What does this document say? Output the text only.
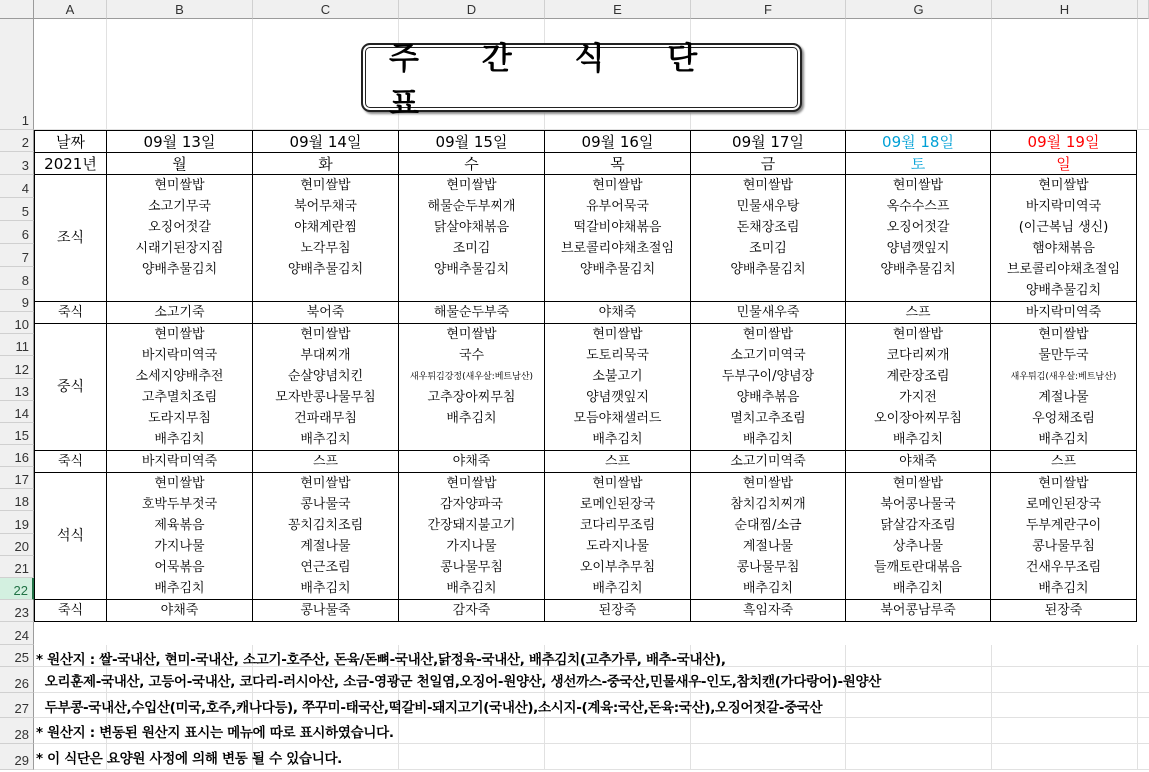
A	B	C	D	E	F	G	H
1
2
3
4
5
6
7
8
9
10
11
12
13
14
15
16
17
18
19
20
21
22
23
24
25
26
27
28
29
주 간 식 단 표
날짜	09월 13일	09월 14일	09월 15일	09월 16일	09월 17일	09월 18일	09월 19일
2021년	월	화	수	목	금	토	일
조식	현미쌀밥	현미쌀밥	현미쌀밥	현미쌀밥	현미쌀밥	현미쌀밥	현미쌀밥
	소고기무국	북어무채국	해물순두부찌개	유부어묵국	민물새우탕	옥수수스프	바지락미역국
	오징어젓갈	야채계란찜	닭살야채볶음	떡갈비야채볶음	돈채장조림	오징어젓갈	(이근복님 생신)
	시래기된장지짐	노각무침	조미김	브로콜리야채초절임	조미김	양념깻잎지	햄야채볶음
	양배추물김치	양배추물김치	양배추물김치	양배추물김치	양배추물김치	양배추물김치	브로콜리야채초절임
							양배추물김치
죽식	소고기죽	북어죽	해물순두부죽	야채죽	민물새우죽	스프	바지락미역죽
중식	현미쌀밥	현미쌀밥	현미쌀밥	현미쌀밥	현미쌀밥	현미쌀밥	현미쌀밥
	바지락미역국	부대찌개	국수	도토리묵국	소고기미역국	코다리찌개	물만두국
	소세지양배추전	순살양념치킨	새우튀김강정(새우살:베트남산)	소불고기	두부구이/양념장	계란장조림	새우튀김(새우살:베트남산)
	고추멸치조림	모자반콩나물무침	고추장아찌무침	양념깻잎지	양배추볶음	가지전	계절나물
	도라지무침	건파래무침	배추김치	모듬야채샐러드	멸치고추조림	오이장아찌무침	우엉채조림
	배추김치	배추김치		배추김치	배추김치	배추김치	배추김치
죽식	바지락미역죽	스프	야채죽	스프	소고기미역죽	야채죽	스프
석식	현미쌀밥	현미쌀밥	현미쌀밥	현미쌀밥	현미쌀밥	현미쌀밥	현미쌀밥
	호박두부젓국	콩나물국	감자양파국	로메인된장국	참치김치찌개	북어콩나물국	로메인된장국
	제육볶음	꽁치김치조림	간장돼지불고기	코다리무조림	순대찜/소금	닭살감자조림	두부계란구이
	가지나물	계절나물	가지나물	도라지나물	계절나물	상추나물	콩나물무침
	어묵볶음	연근조림	콩나물무침	오이부추무침	콩나물무침	들깨토란대볶음	건새우무조림
	배추김치	배추김치	배추김치	배추김치	배추김치	배추김치	배추김치
죽식	야채죽	콩나물죽	감자죽	된장죽	흑임자죽	북어콩남루죽	된장죽
* 원산지 : 쌀-국내산, 현미-국내산, 소고기-호주산, 돈육/돈뼈-국내산,닭정육-국내산, 배추김치(고추가루, 배추-국내산),
오리훈제-국내산, 고등어-국내산, 코다리-러시아산, 소금-영광군 천일염,오징어-원양산, 생선까스-중국산,민물새우-인도,참치캔(가다랑어)-원양산
두부콩-국내산,수입산(미국,호주,캐나다등), 쭈꾸미-태국산,떡갈비-돼지고기(국내산),소시지-(계육:국산,돈육:국산),오징어젓갈-중국산
* 원산지 : 변동된 원산지 표시는 메뉴에 따로 표시하였습니다.
* 이 식단은 요양원 사정에 의해 변동 될 수 있습니다.
